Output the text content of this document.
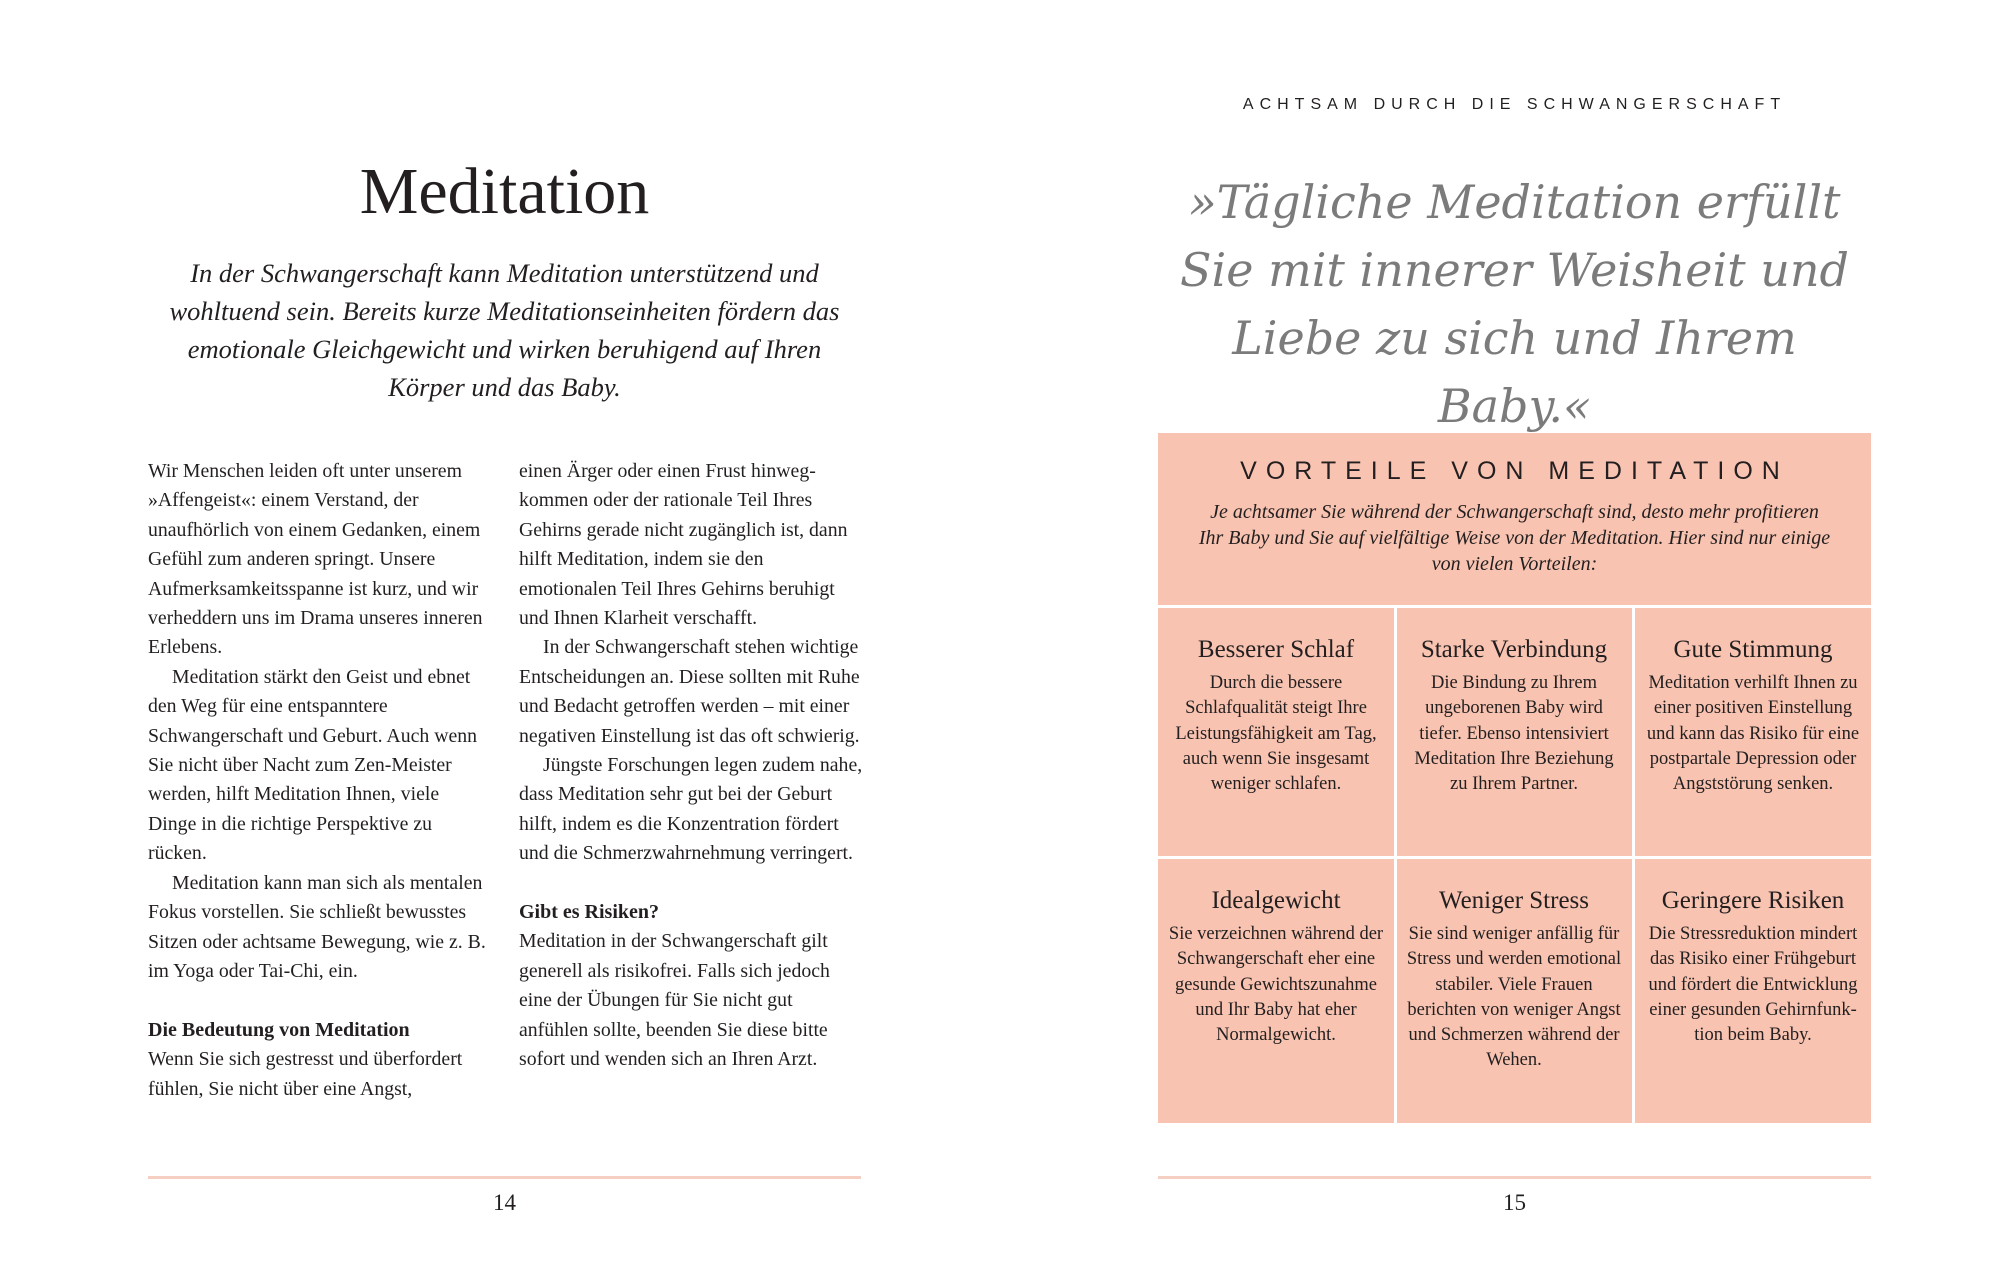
Meditation

In der Schwangerschaft kann Meditation unterstützend und wohltuend sein. Bereits kurze Meditationseinheiten fördern das emotionale Gleichgewicht und wirken beruhigend auf Ihren Körper und das Baby.

Wir Menschen leiden oft unter unserem »Affengeist«: einem Verstand, der unaufhörlich von einem Gedanken, einem Gefühl zum anderen springt. Unsere Aufmerksamkeitsspanne ist kurz, und wir verheddern uns im Drama unseres inneren Erlebens.

Meditation stärkt den Geist und ebnet den Weg für eine entspanntere Schwangerschaft und Geburt. Auch wenn Sie nicht über Nacht zum Zen-Meister werden, hilft Meditation Ihnen, viele Dinge in die richtige Perspektive zu rücken.

Meditation kann man sich als mentalen Fokus vorstellen. Sie schließt bewusstes Sitzen oder achtsame Bewegung, wie z. B. im Yoga oder Tai-Chi, ein.

Die Bedeutung von Meditation

Wenn Sie sich gestresst und überfordert fühlen, Sie nicht über eine Angst,

einen Ärger oder einen Frust hinwegkommen oder der rationale Teil Ihres Gehirns gerade nicht zugänglich ist, dann hilft Meditation, indem sie den emotionalen Teil Ihres Gehirns beruhigt und Ihnen Klarheit verschafft.

In der Schwangerschaft stehen wichtige Entscheidungen an. Diese sollten mit Ruhe und Bedacht getroffen werden – mit einer negativen Einstellung ist das oft schwierig.

Jüngste Forschungen legen zudem nahe, dass Meditation sehr gut bei der Geburt hilft, indem es die Konzentration fördert und die Schmerzwahrnehmung verringert.

Gibt es Risiken?

Meditation in der Schwangerschaft gilt generell als risikofrei. Falls sich jedoch eine der Übungen für Sie nicht gut anfühlen sollte, beenden Sie diese bitte sofort und wenden sich an Ihren Arzt.

14
ACHTSAM DURCH DIE SCHWANGERSCHAFT
»Tägliche Meditation erfüllt Sie mit innerer Weisheit und Liebe zu sich und Ihrem Baby.«
VORTEILE VON MEDITATION

Je achtsamer Sie während der Schwangerschaft sind, desto mehr profitieren Ihr Baby und Sie auf vielfältige Weise von der Meditation. Hier sind nur einige von vielen Vorteilen:

Besserer Schlaf

Durch die bessere Schlafqualität steigt Ihre Leistungsfähigkeit am Tag, auch wenn Sie insgesamt weniger schlafen.

Starke Verbindung

Die Bindung zu Ihrem ungeborenen Baby wird tiefer. Ebenso intensiviert Meditation Ihre Beziehung zu Ihrem Partner.

Gute Stimmung

Meditation verhilft Ihnen zu einer positiven Einstellung und kann das Risiko für eine postpartale Depression oder Angststörung senken.

Idealgewicht

Sie verzeichnen während der Schwangerschaft eher eine gesunde Gewichtszunahme und Ihr Baby hat eher Normalgewicht.

Weniger Stress

Sie sind weniger anfällig für Stress und werden emotional stabiler. Viele Frauen berichten von weniger Angst und Schmerzen während der Wehen.

Geringere Risiken

Die Stressreduktion mindert das Risiko einer Frühgeburt und fördert die Entwicklung einer gesunden Gehirnfunktion beim Baby.

15
